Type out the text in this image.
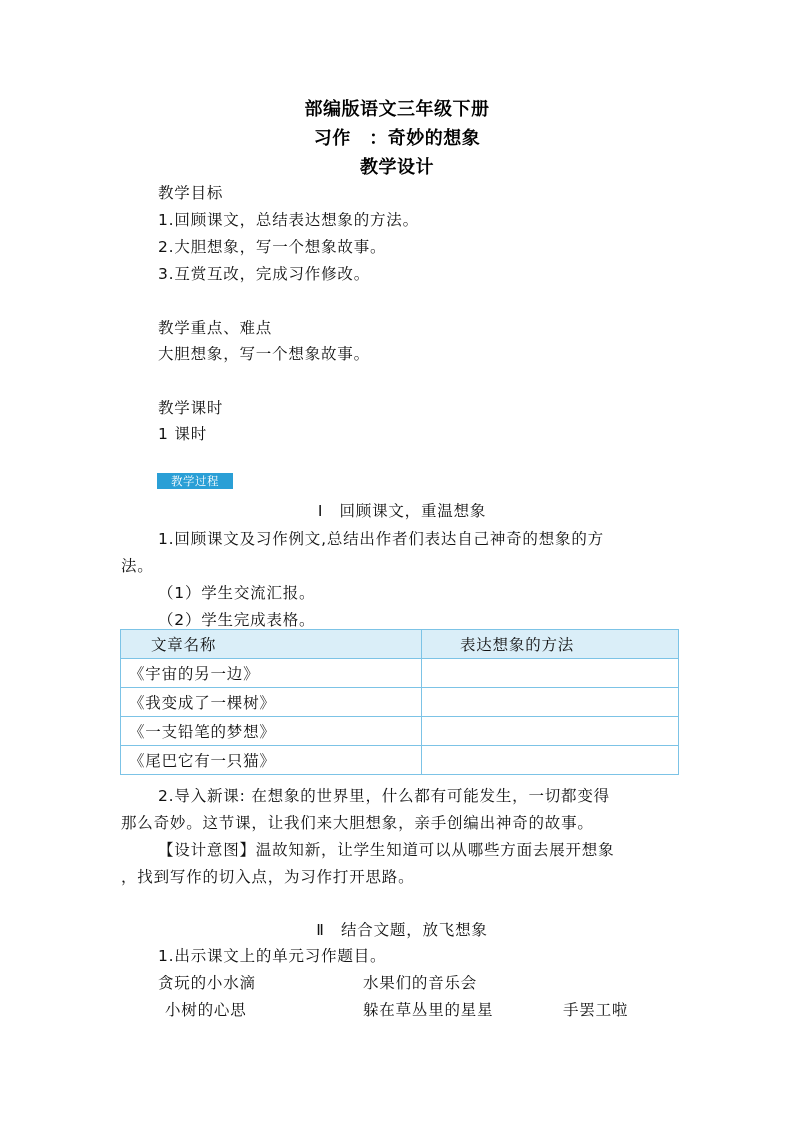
部编版语文三年级下册
习作　：奇妙的想象
教学设计
教学目标
1.回顾课文，总结表达想象的方法。
2.大胆想象，写一个想象故事。
3.互赏互改，完成习作修改。
教学重点、难点
大胆想象，写一个想象故事。
教学课时
1 课时
教学过程
Ⅰ　回顾课文，重温想象
1.回顾课文及习作例文,总结出作者们表达自己神奇的想象的方
法。
（1）学生交流汇报。
（2）学生完成表格。
文章名称	表达想象的方法
《宇宙的另一边》	
《我变成了一棵树》	
《一支铅笔的梦想》	
《尾巴它有一只猫》	
2.导入新课: 在想象的世界里，什么都有可能发生，一切都变得
那么奇妙。这节课，让我们来大胆想象，亲手创编出神奇的故事。
【设计意图】温故知新，让学生知道可以从哪些方面去展开想象
，找到写作的切入点，为习作打开思路。
Ⅱ　结合文题，放飞想象
1.出示课文上的单元习作题目。
贪玩的小水滴	水果们的音乐会
小树的心思	躲在草丛里的星星	手罢工啦
